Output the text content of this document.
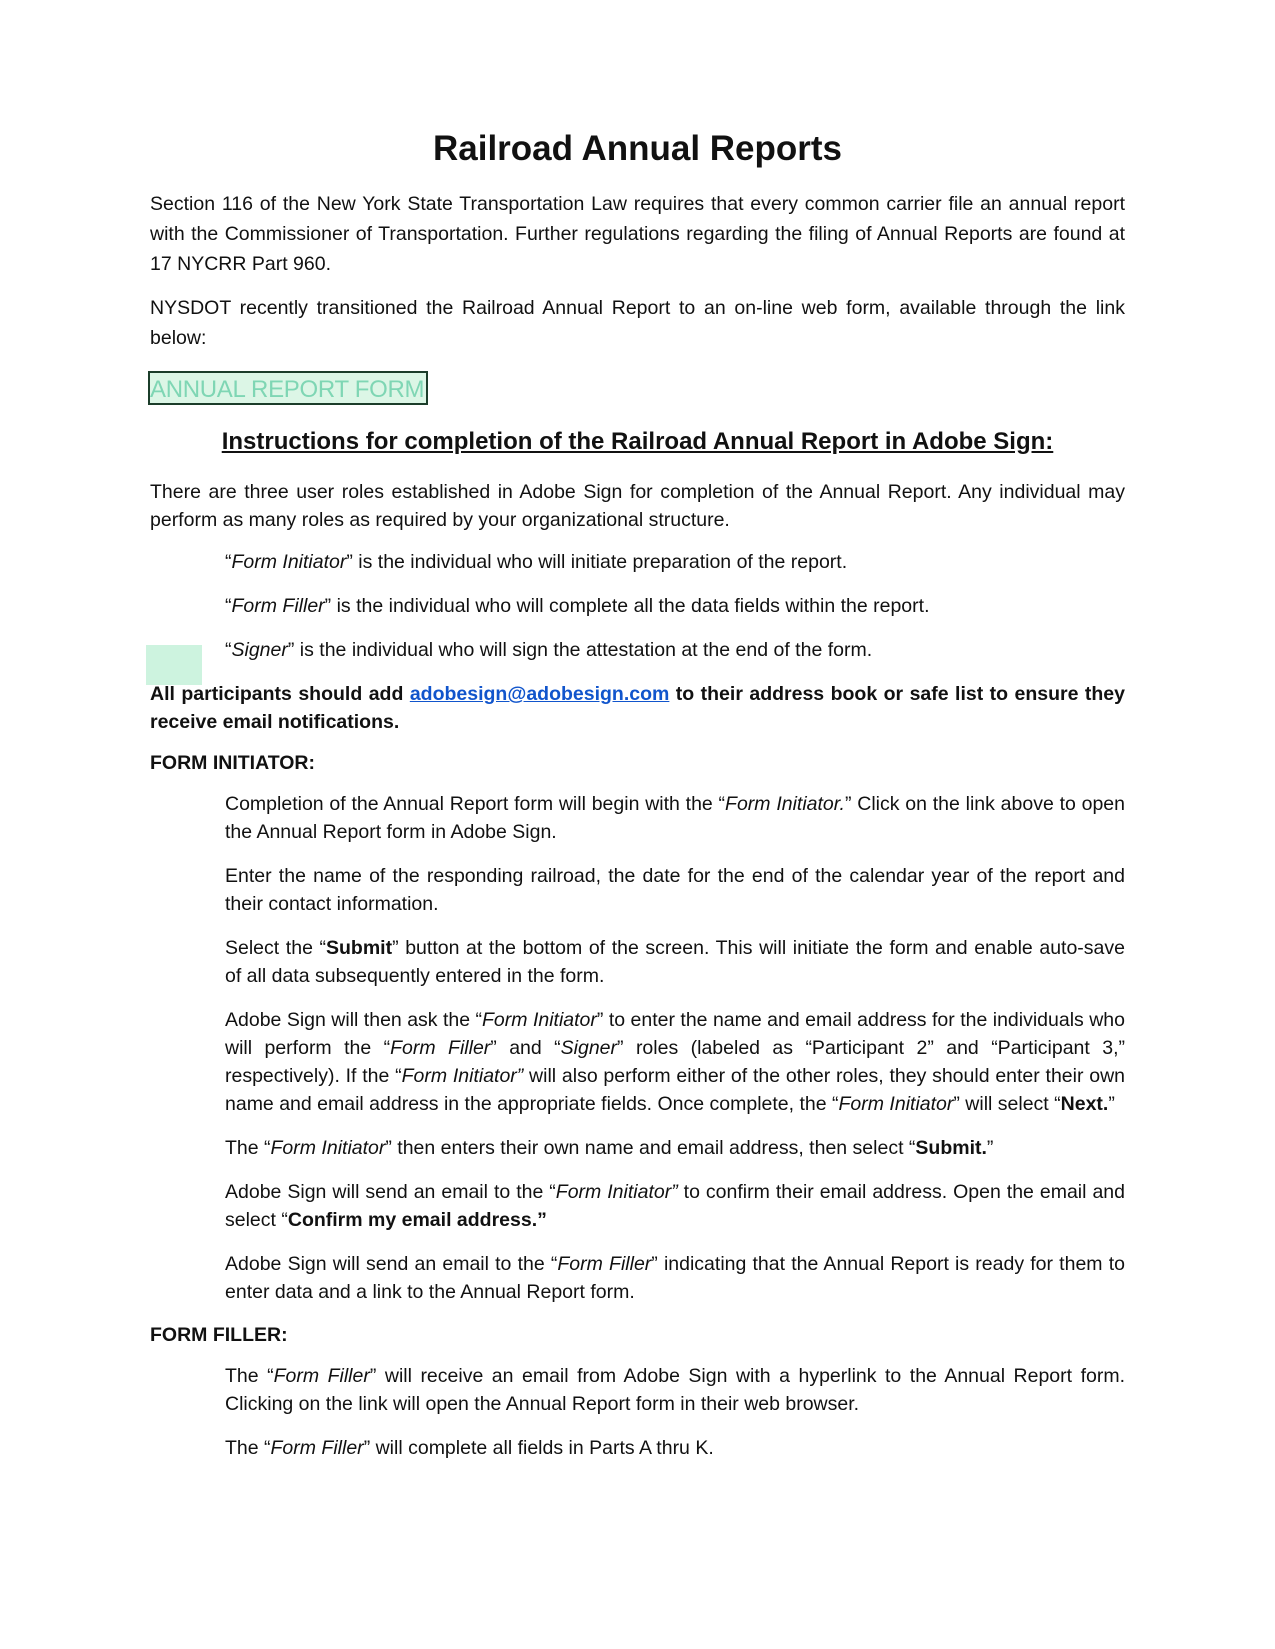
Railroad Annual Reports

Section 116 of the New York State Transportation Law requires that every common carrier file an annual report with the Commissioner of Transportation. Further regulations regarding the filing of Annual Reports are found at 17 NYCRR Part 960.

NYSDOT recently transitioned the Railroad Annual Report to an on-line web form, available through the link below:

ANNUAL REPORT FORM
Instructions for completion of the Railroad Annual Report in Adobe Sign:

There are three user roles established in Adobe Sign for completion of the Annual Report. Any individual may perform as many roles as required by your organizational structure.

“Form Initiator” is the individual who will initiate preparation of the report.

“Form Filler” is the individual who will complete all the data fields within the report.

“Signer” is the individual who will sign the attestation at the end of the form.

All participants should add adobesign@adobesign.com to their address book or safe list to ensure they receive email notifications.

FORM INITIATOR:

Completion of the Annual Report form will begin with the “Form Initiator.” Click on the link above to open the Annual Report form in Adobe Sign.

Enter the name of the responding railroad, the date for the end of the calendar year of the report and their contact information.

Select the “Submit” button at the bottom of the screen. This will initiate the form and enable auto-save of all data subsequently entered in the form.

Adobe Sign will then ask the “Form Initiator” to enter the name and email address for the individuals who will perform the “Form Filler” and “Signer” roles (labeled as “Participant 2” and “Participant 3,” respectively). If the “Form Initiator” will also perform either of the other roles, they should enter their own name and email address in the appropriate fields. Once complete, the “Form Initiator” will select “Next.”

The “Form Initiator” then enters their own name and email address, then select “Submit.”

Adobe Sign will send an email to the “Form Initiator” to confirm their email address. Open the email and select “Confirm my email address.”

Adobe Sign will send an email to the “Form Filler” indicating that the Annual Report is ready for them to enter data and a link to the Annual Report form.

FORM FILLER:

The “Form Filler” will receive an email from Adobe Sign with a hyperlink to the Annual Report form. Clicking on the link will open the Annual Report form in their web browser.

The “Form Filler” will complete all fields in Parts A thru K.
